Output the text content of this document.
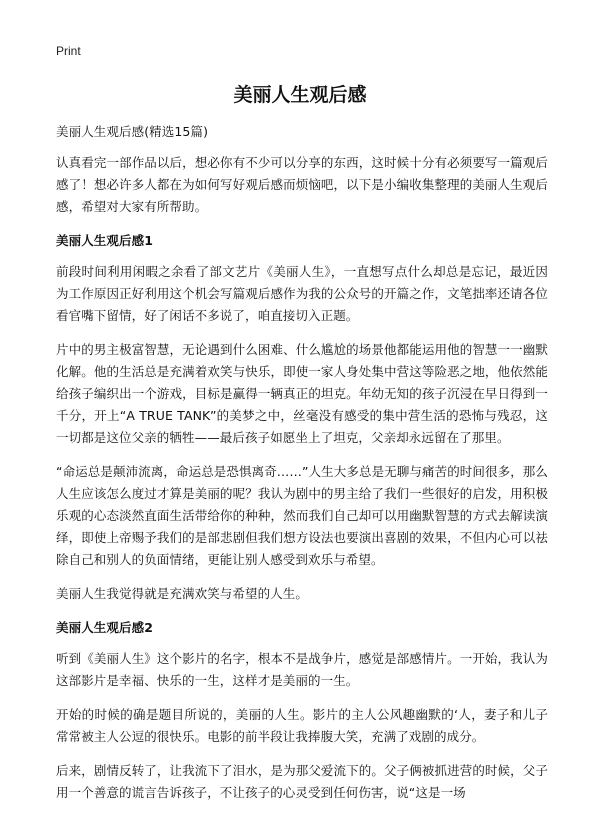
Print
美丽人生观后感

美丽人生观后感(精选15篇)

认真看完一部作品以后，想必你有不少可以分享的东西，这时候十分有必须要写一篇观后感了！想必许多人都在为如何写好观后感而烦恼吧，以下是小编收集整理的美丽人生观后感，希望对大家有所帮助。

美丽人生观后感1

前段时间利用闲暇之余看了部文艺片《美丽人生》，一直想写点什么却总是忘记，最近因为工作原因正好利用这个机会写篇观后感作为我的公众号的开篇之作，文笔拙率还请各位看官嘴下留情，好了闲话不多说了，咱直接切入正题。

片中的男主极富智慧，无论遇到什么困难、什么尴尬的场景他都能运用他的智慧一一幽默化解。他的生活总是充满着欢笑与快乐，即使一家人身处集中营这等险恶之地，他依然能给孩子编织出一个游戏，目标是赢得一辆真正的坦克。年幼无知的孩子沉浸在早日得到一千分，开上“A TRUE TANK”的美梦之中，丝毫没有感受的集中营生活的恐怖与残忍，这一切都是这位父亲的牺牲——最后孩子如愿坐上了坦克，父亲却永远留在了那里。

“命运总是颠沛流离，命运总是恐惧离奇……”人生大多总是无聊与痛苦的时间很多，那么人生应该怎么度过才算是美丽的呢？我认为剧中的男主给了我们一些很好的启发，用积极乐观的心态淡然直面生活带给你的种种，然而我们自己却可以用幽默智慧的方式去解读演绎，即使上帝赐予我们的是部悲剧但我们想方设法也要演出喜剧的效果，不但内心可以祛除自己和别人的负面情绪，更能让别人感受到欢乐与希望。

美丽人生我觉得就是充满欢笑与希望的人生。

美丽人生观后感2

听到《美丽人生》这个影片的名字，根本不是战争片，感觉是部感情片。一开始，我认为这部影片是幸福、快乐的一生，这样才是美丽的一生。

开始的时候的确是题目所说的，美丽的人生。影片的主人公风趣幽默的‘人，妻子和儿子常常被主人公逗的很快乐。电影的前半段让我捧腹大笑，充满了戏剧的成分。

后来，剧情反转了，让我流下了泪水，是为那父爱流下的。父子俩被抓进营的时候，父子用一个善意的谎言告诉孩子，不让孩子的心灵受到任何伤害，说“这是一场
